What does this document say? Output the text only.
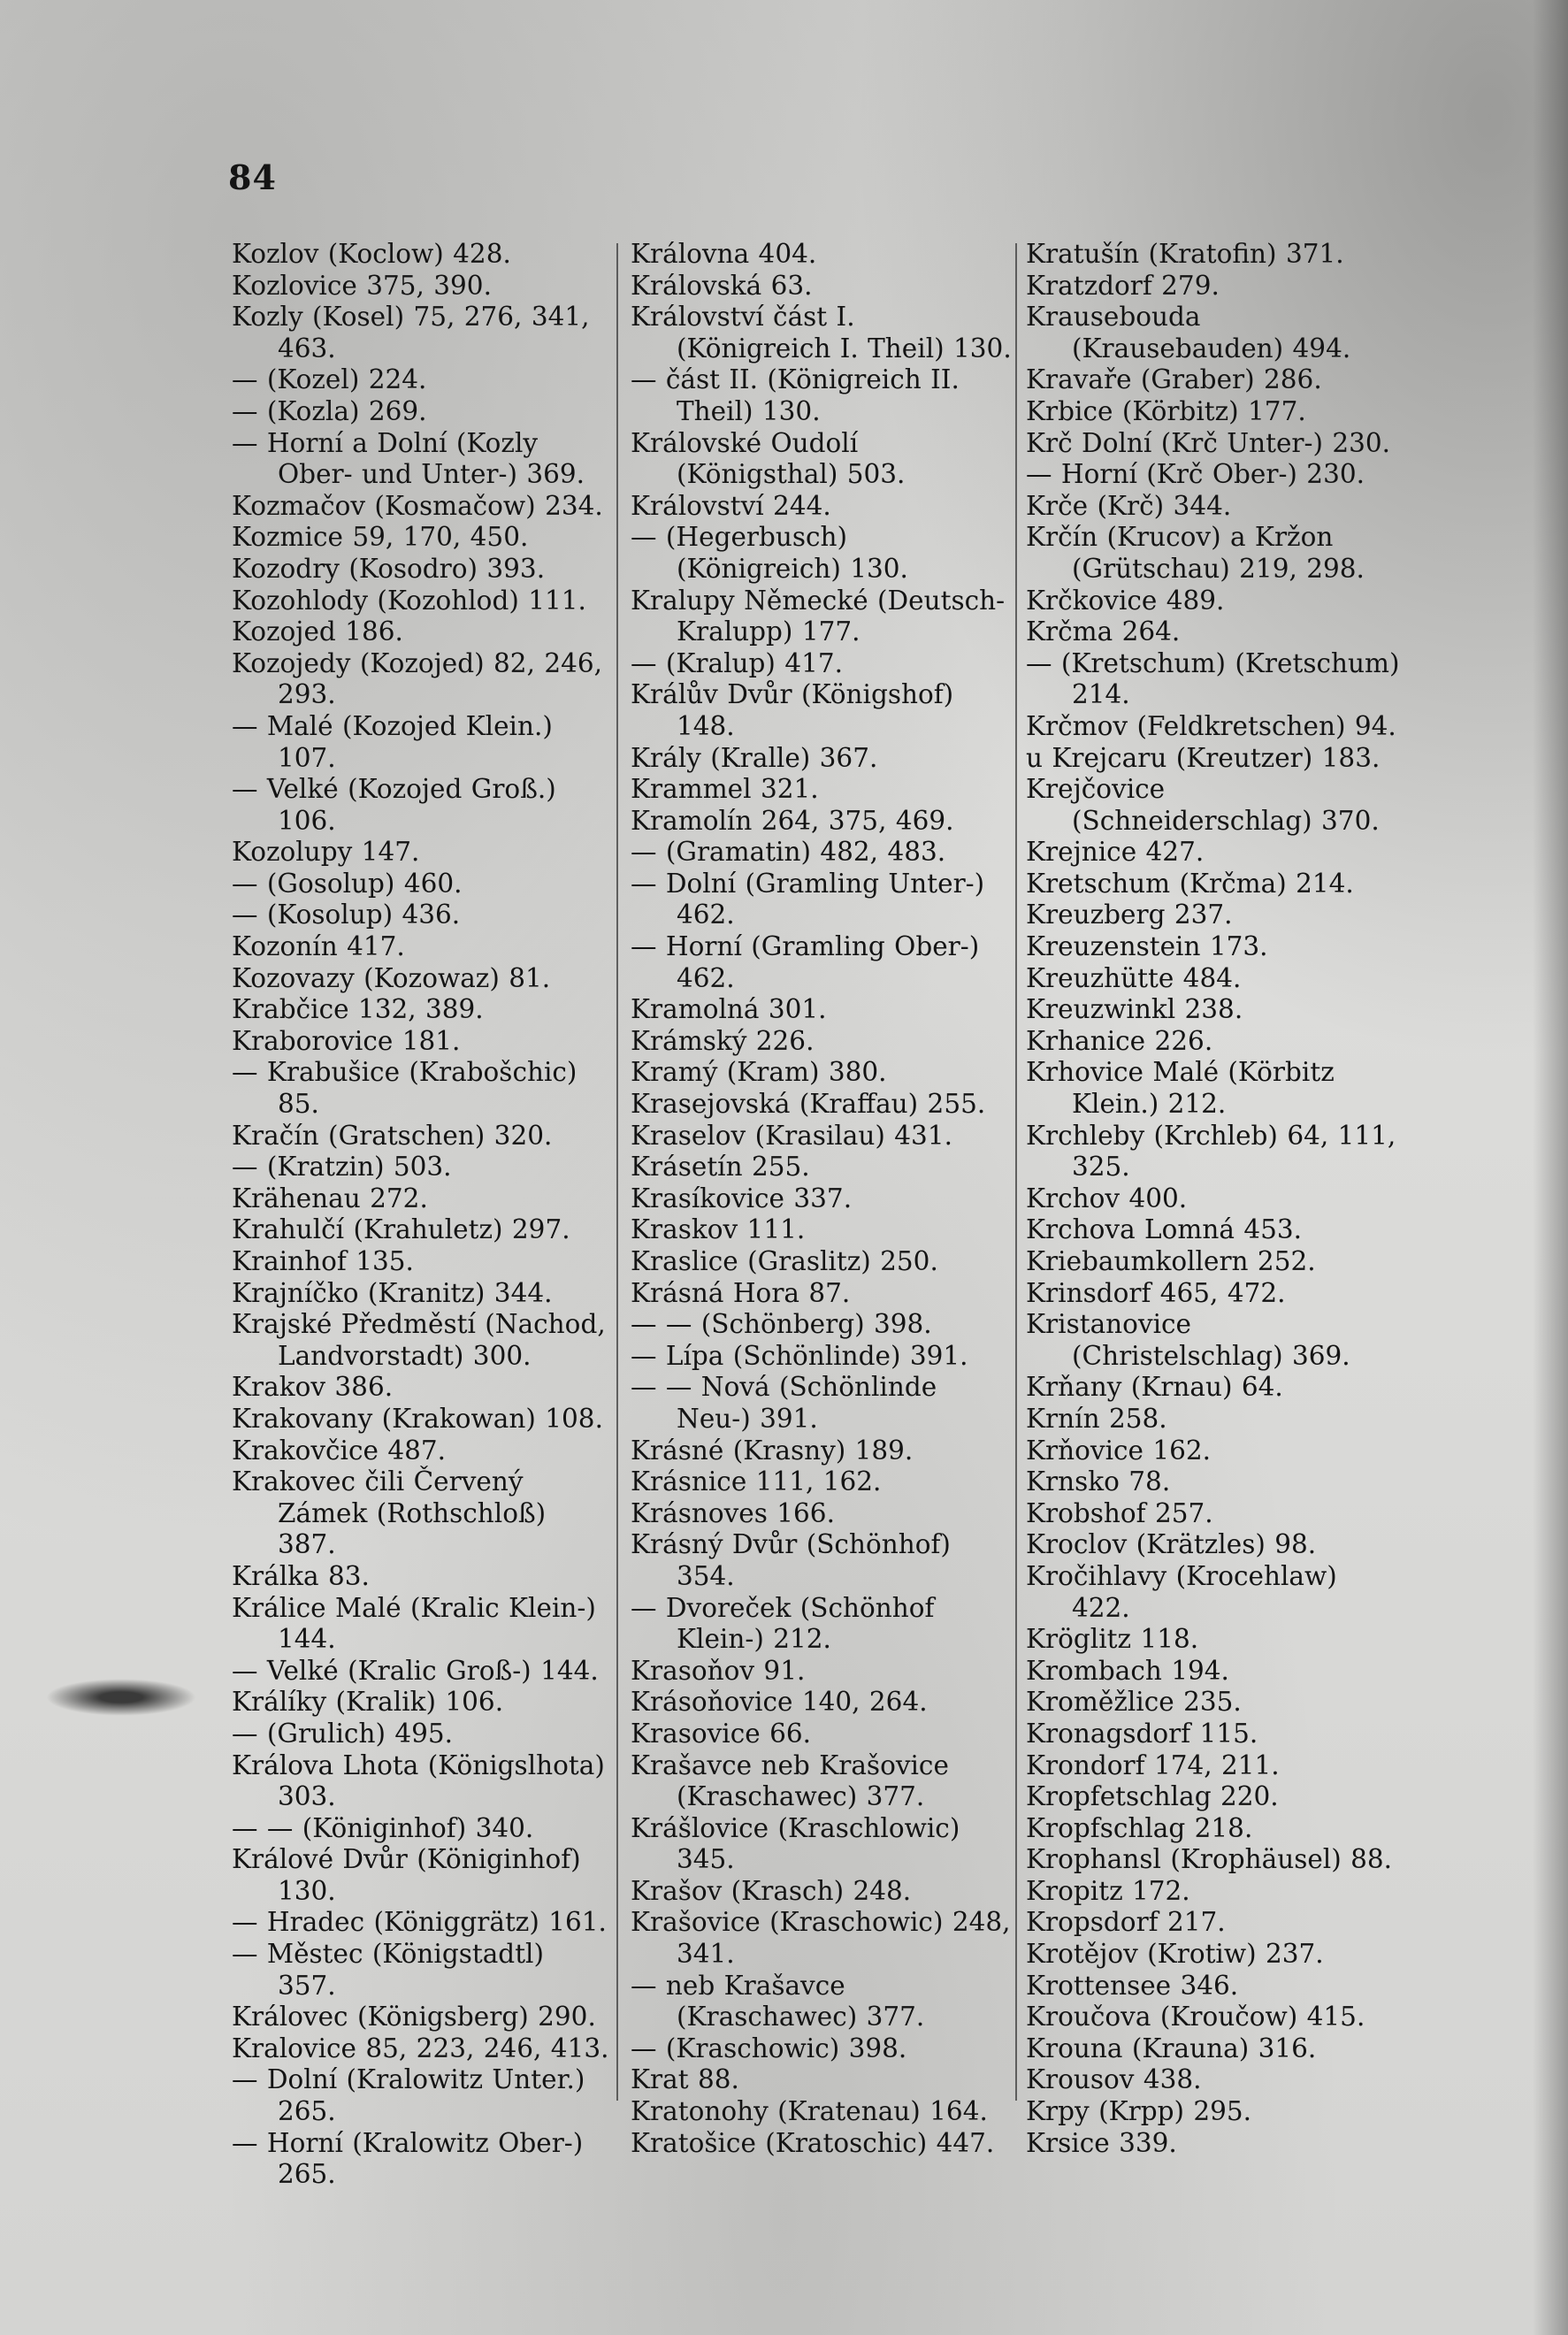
84
Kozlov (Koclow) 428.
Kozlovice 375, 390.
Kozly (Kosel) 75, 276, 341, 463.
— (Kozel) 224.
— (Kozla) 269.
— Horní a Dolní (Kozly Ober- und Unter-) 369.
Kozmačov (Kosmačow) 234.
Kozmice 59, 170, 450.
Kozodry (Kosodro) 393.
Kozohlody (Kozohlod) 111.
Kozojed 186.
Kozojedy (Kozojed) 82, 246, 293.
— Malé (Kozojed Klein.) 107.
— Velké (Kozojed Groß.) 106.
Kozolupy 147.
— (Gosolup) 460.
— (Kosolup) 436.
Kozonín 417.
Kozovazy (Kozowaz) 81.
Krabčice 132, 389.
Kraborovice 181.
— Krabušice (Krabošchic) 85.
Kračín (Gratschen) 320.
— (Kratzin) 503.
Krähenau 272.
Krahulčí (Krahuletz) 297.
Krainhof 135.
Krajníčko (Kranitz) 344.
Krajské Předměstí (Nachod, Landvorstadt) 300.
Krakov 386.
Krakovany (Krakowan) 108.
Krakovčice 487.
Krakovec čili Červený Zámek (Rothschloß) 387.
Králka 83.
Králice Malé (Kralic Klein-) 144.
— Velké (Kralic Groß-) 144.
Králíky (Kralik) 106.
— (Grulich) 495.
Králova Lhota (Königslhota) 303.
— — (Königinhof) 340.
Králové Dvůr (Königinhof) 130.
— Hradec (Königgrätz) 161.
— Městec (Königstadtl) 357.
Královec (Königsberg) 290.
Kralovice 85, 223, 246, 413.
— Dolní (Kralowitz Unter.) 265.
— Horní (Kralowitz Ober-) 265.
Královna 404.
Královská 63.
Království část I. (Königreich I. Theil) 130.
— část II. (Königreich II. Theil) 130.
Královské Oudolí (Königsthal) 503.
Království 244.
— (Hegerbusch) (Königreich) 130.
Kralupy Německé (Deutsch-Kralupp) 177.
— (Kralup) 417.
Králův Dvůr (Königshof) 148.
Krály (Kralle) 367.
Krammel 321.
Kramolín 264, 375, 469.
— (Gramatin) 482, 483.
— Dolní (Gramling Unter-) 462.
— Horní (Gramling Ober-) 462.
Kramolná 301.
Krámský 226.
Kramý (Kram) 380.
Krasejovská (Kraffau) 255.
Kraselov (Krasilau) 431.
Krásetín 255.
Krasíkovice 337.
Kraskov 111.
Kraslice (Graslitz) 250.
Krásná Hora 87.
— — (Schönberg) 398.
— Lípa (Schönlinde) 391.
— — Nová (Schönlinde Neu-) 391.
Krásné (Krasny) 189.
Krásnice 111, 162.
Krásnoves 166.
Krásný Dvůr (Schönhof) 354.
— Dvoreček (Schönhof Klein-) 212.
Krasoňov 91.
Krásoňovice 140, 264.
Krasovice 66.
Krašavce neb Krašovice (Kraschawec) 377.
Krášlovice (Kraschlowic) 345.
Krašov (Krasch) 248.
Krašovice (Kraschowic) 248, 341.
— neb Krašavce (Kraschawec) 377.
— (Kraschowic) 398.
Krat 88.
Kratonohy (Kratenau) 164.
Kratošice (Kratoschic) 447.
Kratušín (Kratofin) 371.
Kratzdorf 279.
Krausebouda (Krausebauden) 494.
Kravaře (Graber) 286.
Krbice (Körbitz) 177.
Krč Dolní (Krč Unter-) 230.
— Horní (Krč Ober-) 230.
Krče (Krč) 344.
Krčín (Krucov) a Kržon (Grütschau) 219, 298.
Krčkovice 489.
Krčma 264.
— (Kretschum) (Kretschum) 214.
Krčmov (Feldkretschen) 94.
u Krejcaru (Kreutzer) 183.
Krejčovice (Schneiderschlag) 370.
Krejnice 427.
Kretschum (Krčma) 214.
Kreuzberg 237.
Kreuzenstein 173.
Kreuzhütte 484.
Kreuzwinkl 238.
Krhanice 226.
Krhovice Malé (Körbitz Klein.) 212.
Krchleby (Krchleb) 64, 111, 325.
Krchov 400.
Krchova Lomná 453.
Kriebaumkollern 252.
Krinsdorf 465, 472.
Kristanovice (Christelschlag) 369.
Krňany (Krnau) 64.
Krnín 258.
Krňovice 162.
Krnsko 78.
Krobshof 257.
Kroclov (Krätzles) 98.
Kročihlavy (Krocehlaw) 422.
Kröglitz 118.
Krombach 194.
Kroměžlice 235.
Kronagsdorf 115.
Krondorf 174, 211.
Kropfetschlag 220.
Kropfschlag 218.
Krophansl (Krophäusel) 88.
Kropitz 172.
Kropsdorf 217.
Krotějov (Krotiw) 237.
Krottensee 346.
Kroučova (Kroučow) 415.
Krouna (Krauna) 316.
Krousov 438.
Krpy (Krpp) 295.
Krsice 339.
